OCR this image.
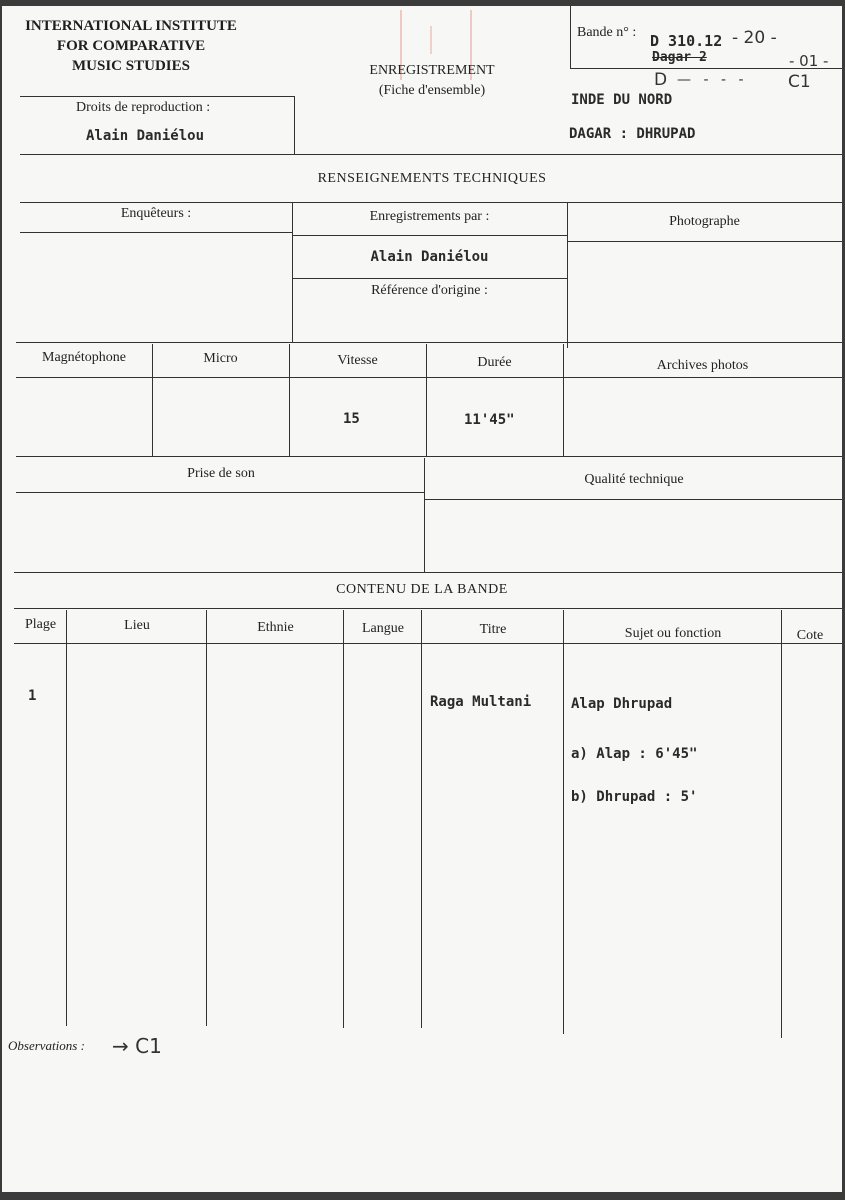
INTERNATIONAL INSTITUTE
FOR COMPARATIVE
MUSIC STUDIES	ENREGISTREMENT
(Fiche d'ensemble)
Bande n° : D 310.12 - 20 -
Dagar 2	- 01 -
D — - - - C1
INDE DU NORD
DAGAR : DHRUPAD
Droits de reproduction :
Alain Daniélou
RENSEIGNEMENTS TECHNIQUES
Enquêteurs :	Enregistrements par :	Photographe
Alain Daniélou
Référence d'origine :
Magnétophone	Micro	Vitesse	Durée	Archives photos
15	11'45"
Prise de son	Qualité technique
CONTENU DE LA BANDE
Plage	Lieu	Ethnie	Langue	Titre	Sujet ou fonction	Cote
1	Raga Multani	Alap Dhrupad
a) Alap : 6'45"
b) Dhrupad : 5'
Observations : → C1
